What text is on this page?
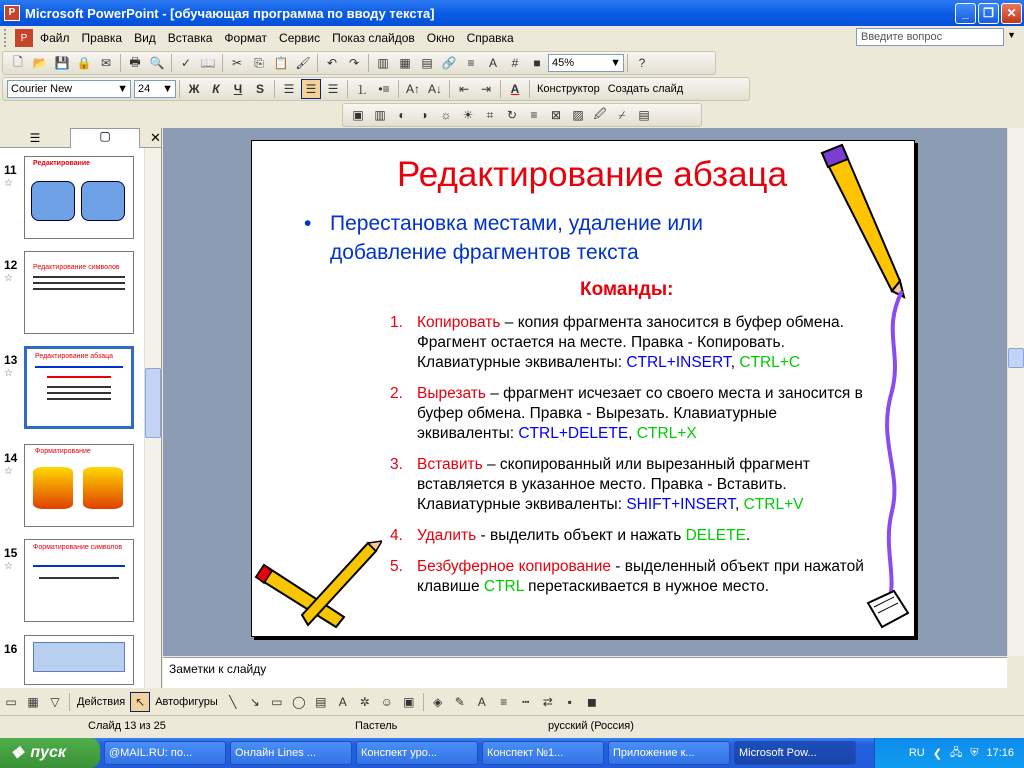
P Microsoft PowerPoint - [обучающая программа по вводу текста]	_	❐	✕
P	Файл	Правка	Вид	Вставка	Формат	Сервис	Показ слайдов	Окно	Справка	Введите вопрос	▼
🗋 📂 💾 🔒 ✉	🖶 🔍	✓ 📖	✂	⎘ 📋 🖌	↶ ↷	▥ ▦ ▤ 🔗 ≡	A	#	■	45%	▼	?
Courier New	▼ 24 ▼	Ж	К	Ч	S	☰ ☰ ☰	⒈ •≡	A↑ A↓	⇤ ⇥	A	Конструктор Создать слайд
▣ ▥	◐	◑	☼ ☀	⌗	↻	≡	⊠ ▨ 🖉	⌿	▤
☰	▢	✕
11
☆
Редактирование
12
☆
Редактирование символов
13
☆
Редактирование абзаца
14
☆
Форматирование
15
☆
Форматирование символов
16
Редактирование абзаца
• Перестановка местами, удаление или добавление фрагментов текста
Команды:
1. Копировать – копия фрагмента заносится в буфер обмена. Фрагмент остается на месте. Правка - Копировать. Клавиатурные эквиваленты: CTRL+INSERT, CTRL+C
2. Вырезать – фрагмент исчезает со своего места и заносится в буфер обмена. Правка - Вырезать. Клавиатурные эквиваленты: CTRL+DELETE, CTRL+X
3. Вставить – скопированный или вырезанный фрагмент вставляется в указанное место. Правка - Вставить. Клавиатурные эквиваленты: SHIFT+INSERT, CTRL+V
4. Удалить - выделить объект и нажать DELETE.
5. Безбуферное копирование - выделенный объект при нажатой клавише CTRL перетаскивается в нужное место.
Заметки к слайду
▭ ▦ ▽	Действия ↖ Автофигуры ╲	↘ ▭ ◯ ▤	A	✲ ☺ ▣	◈	✎	A	≡	┅	⇄	▪	◼
Слайд 13 из 25	Пастель	русский (Россия)
❖ пуск	@MAIL.RU: по...	Онлайн Lines ...	Конспект уро...	Конспект №1...	Приложение к...	Microsoft Pow...	RU ❮ 🖧 ⛨ 17:16
